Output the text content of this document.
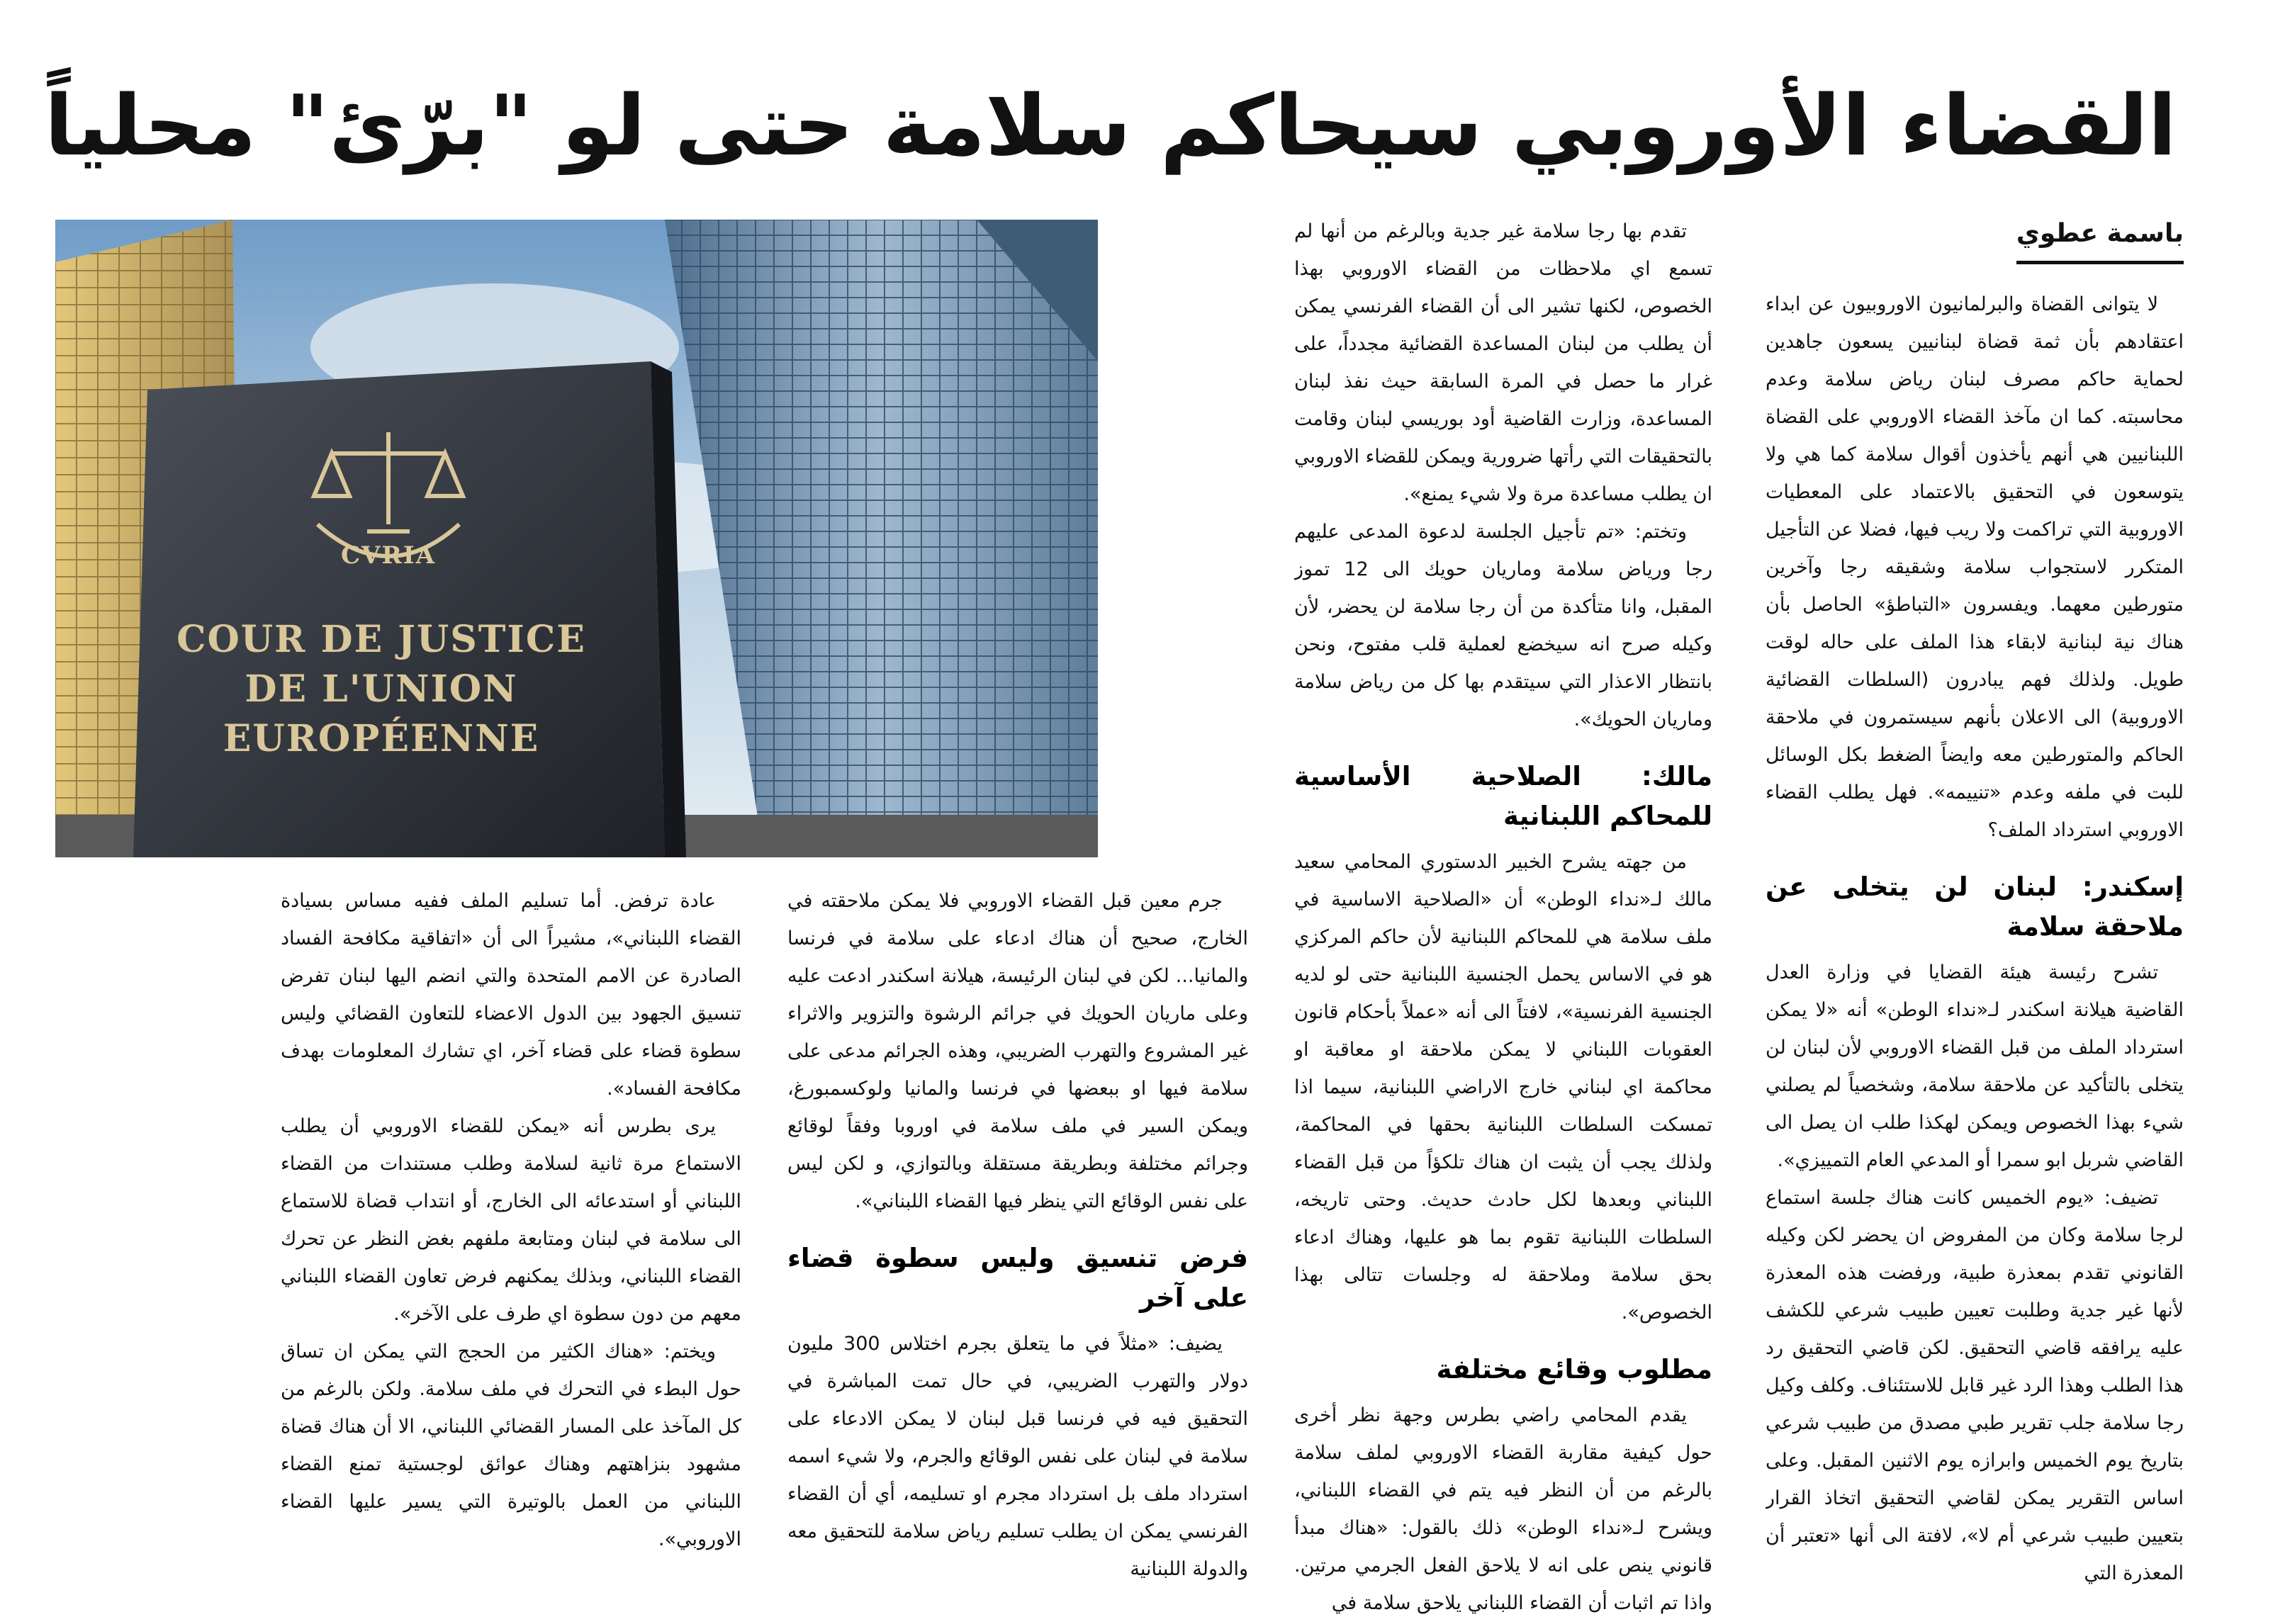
القضاء الأوروبي سيحاكم سلامة حتى لو "برّئ" محلياً
باسمة عطوي

لا يتوانى القضاة والبرلمانيون الاوروبيون عن ابداء اعتقادهم بأن ثمة قضاة لبنانيين يسعون جاهدين لحماية حاكم مصرف لبنان رياض سلامة وعدم محاسبته. كما ان مآخذ القضاء الاوروبي على القضاة اللبنانيين هي أنهم يأخذون أقوال سلامة كما هي ولا يتوسعون في التحقيق بالاعتماد على المعطيات الاوروبية التي تراكمت ولا ريب فيها، فضلا عن التأجيل المتكرر لاستجواب سلامة وشقيقه رجا وآخرين متورطين معهما. ويفسرون «التباطؤ» الحاصل بأن هناك نية لبنانية لابقاء هذا الملف على حاله لوقت طويل. ولذلك فهم يبادرون (السلطات القضائية الاوروبية) الى الاعلان بأنهم سيستمرون في ملاحقة الحاكم والمتورطين معه وايضاً الضغط بكل الوسائل للبت في ملفه وعدم «تنييمه». فهل يطلب القضاء الاوروبي استرداد الملف؟

إسكندر: لبنان لن يتخلى عن ملاحقة سلامة

تشرح رئيسة هيئة القضايا في وزارة العدل القاضية هيلانة اسكندر لـ«نداء الوطن» أنه «لا يمكن استرداد الملف من قبل القضاء الاوروبي لأن لبنان لن يتخلى بالتأكيد عن ملاحقة سلامة، وشخصياً لم يصلني شيء بهذا الخصوص ويمكن لهكذا طلب ان يصل الى القاضي شربل ابو سمرا أو المدعي العام التمييزي».

تضيف: «يوم الخميس كانت هناك جلسة استماع لرجا سلامة وكان من المفروض ان يحضر لكن وكيله القانوني تقدم بمعذرة طبية، ورفضت هذه المعذرة لأنها غير جدية وطلبت تعيين طبيب شرعي للكشف عليه يرافقه قاضي التحقيق. لكن قاضي التحقيق رد هذا الطلب وهذا الرد غير قابل للاستئناف. وكلف وكيل رجا سلامة جلب تقرير طبي مصدق من طبيب شرعي بتاريخ يوم الخميس وابرازه يوم الاثنين المقبل. وعلى اساس التقرير يمكن لقاضي التحقيق اتخاذ القرار بتعيين طبيب شرعي أم لا»، لافتة الى أنها «تعتبر أن المعذرة التي

تقدم بها رجا سلامة غير جدية وبالرغم من أنها لم تسمع اي ملاحظات من القضاء الاوروبي بهذا الخصوص، لكنها تشير الى أن القضاء الفرنسي يمكن أن يطلب من لبنان المساعدة القضائية مجدداً، على غرار ما حصل في المرة السابقة حيث نفذ لبنان المساعدة، وزارت القاضية أود بوريسي لبنان وقامت بالتحقيقات التي رأتها ضرورية ويمكن للقضاء الاوروبي ان يطلب مساعدة مرة ولا شيء يمنع».

وتختم: «تم تأجيل الجلسة لدعوة المدعى عليهم رجا ورياض سلامة وماريان حويك الى 12 تموز المقبل، وانا متأكدة من أن رجا سلامة لن يحضر، لأن وكيله صرح انه سيخضع لعملية قلب مفتوح، ونحن بانتظار الاعذار التي سيتقدم بها كل من رياض سلامة وماريان الحويك».

مالك: الصلاحية الأساسية للمحاكم اللبنانية

من جهته يشرح الخبير الدستوري المحامي سعيد مالك لـ«نداء الوطن» أن «الصلاحية الاساسية في ملف سلامة هي للمحاكم اللبنانية لأن حاكم المركزي هو في الاساس يحمل الجنسية اللبنانية حتى لو لديه الجنسية الفرنسية»، لافتاً الى أنه «عملاً بأحكام قانون العقوبات اللبناني لا يمكن ملاحقة او معاقبة او محاكمة اي لبناني خارج الاراضي اللبنانية، سيما اذا تمسكت السلطات اللبنانية بحقها في المحاكمة، ولذلك يجب أن يثبت ان هناك تلكؤاً من قبل القضاء اللبناني وبعدها لكل حادث حديث. وحتى تاريخه، السلطات اللبنانية تقوم بما هو عليها، وهناك ادعاء بحق سلامة وملاحقة له وجلسات تتالى بهذا الخصوص».

مطلوب وقائع مختلفة

يقدم المحامي راضي بطرس وجهة نظر أخرى حول كيفية مقاربة القضاء الاوروبي لملف سلامة بالرغم من أن النظر فيه يتم في القضاء اللبناني، ويشرح لـ«نداء الوطن» ذلك بالقول: «هناك مبدأ قانوني ينص على انه لا يلاحق الفعل الجرمي مرتين. واذا تم اثبات أن القضاء اللبناني يلاحق سلامة في

CVRIA
COUR DE JUSTICE
DE L'UNION
EUROPÉENNE

جرم معين قبل القضاء الاوروبي فلا يمكن ملاحقته في الخارج، صحيح أن هناك ادعاء على سلامة في فرنسا والمانيا... لكن في لبنان الرئيسة، هيلانة اسكندر ادعت عليه وعلى ماريان الحويك في جرائم الرشوة والتزوير والاثراء غير المشروع والتهرب الضريبي، وهذه الجرائم مدعى على سلامة فيها او ببعضها في فرنسا والمانيا ولوكسمبورغ، ويمكن السير في ملف سلامة في اوروبا وفقاً لوقائع وجرائم مختلفة وبطريقة مستقلة وبالتوازي، و لكن ليس على نفس الوقائع التي ينظر فيها القضاء اللبناني».

فرض تنسيق وليس سطوة قضاء على آخر

يضيف: «مثلاً في ما يتعلق بجرم اختلاس 300 مليون دولار والتهرب الضريبي، في حال تمت المباشرة في التحقيق فيه في فرنسا قبل لبنان لا يمكن الادعاء على سلامة في لبنان على نفس الوقائع والجرم، ولا شيء اسمه استرداد ملف بل استرداد مجرم او تسليمه، أي أن القضاء الفرنسي يمكن ان يطلب تسليم رياض سلامة للتحقيق معه والدولة اللبنانية

عادة ترفض. أما تسليم الملف ففيه مساس بسيادة القضاء اللبناني»، مشيراً الى أن «اتفاقية مكافحة الفساد الصادرة عن الامم المتحدة والتي انضم اليها لبنان تفرض تنسيق الجهود بين الدول الاعضاء للتعاون القضائي وليس سطوة قضاء على قضاء آخر، اي تشارك المعلومات بهدف مكافحة الفساد».

يرى بطرس أنه «يمكن للقضاء الاوروبي أن يطلب الاستماع مرة ثانية لسلامة وطلب مستندات من القضاء اللبناني أو استدعائه الى الخارج، أو انتداب قضاة للاستماع الى سلامة في لبنان ومتابعة ملفهم بغض النظر عن تحرك القضاء اللبناني، وبذلك يمكنهم فرض تعاون القضاء اللبناني معهم من دون سطوة اي طرف على الآخر».

ويختم: «هناك الكثير من الحجج التي يمكن ان تساق حول البطء في التحرك في ملف سلامة. ولكن بالرغم من كل المآخذ على المسار القضائي اللبناني، الا أن هناك قضاة مشهود بنزاهتهم وهناك عوائق لوجستية تمنع القضاء اللبناني من العمل بالوتيرة التي يسير عليها القضاء الاوروبي».
